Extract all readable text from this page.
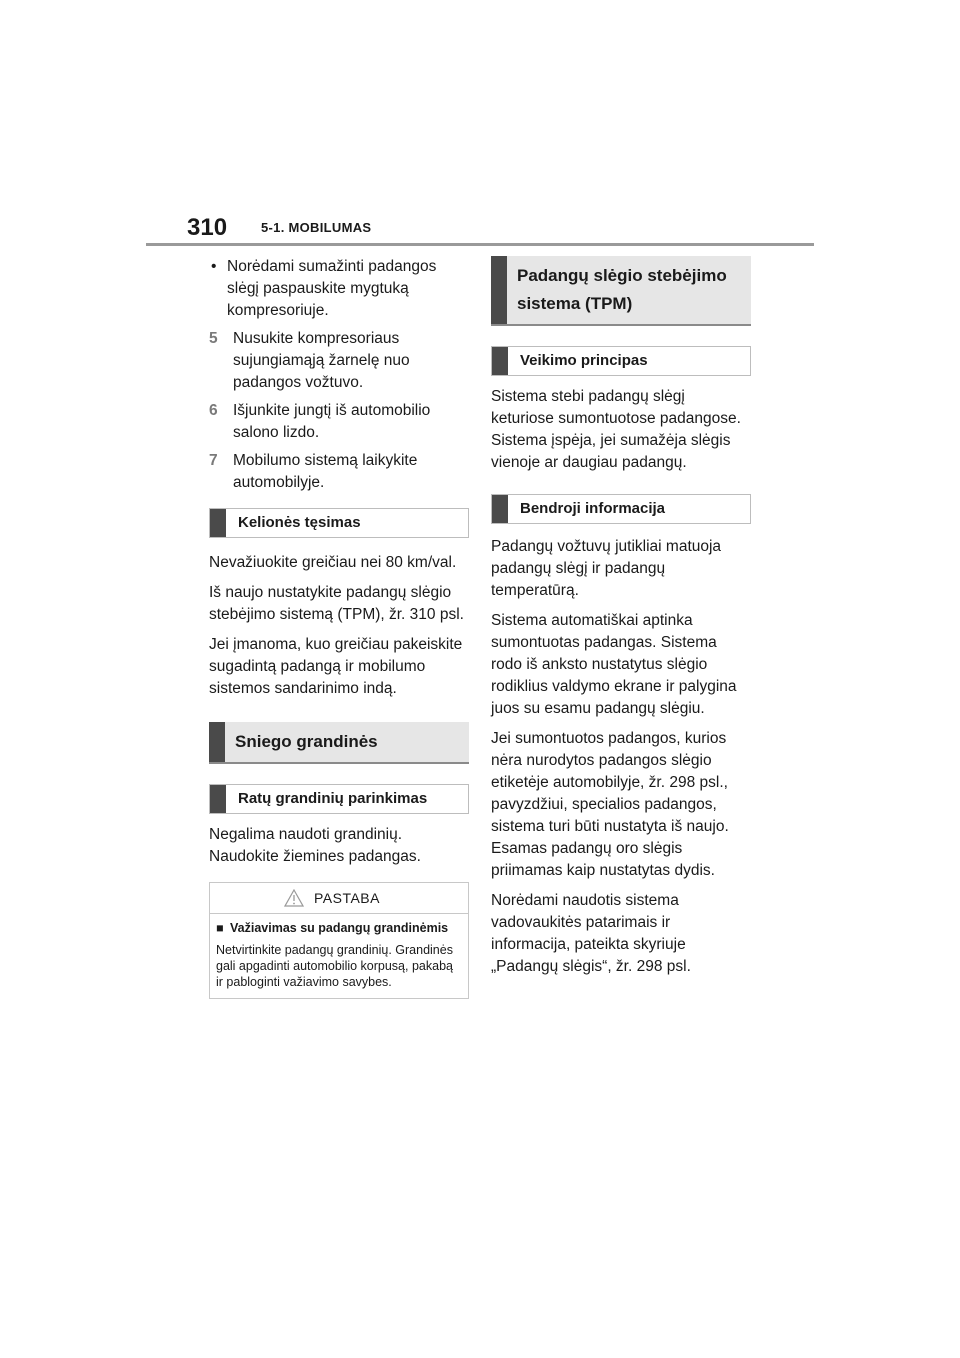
310	5-1. MOBILUMAS
• Norėdami sumažinti padangos slėgį paspauskite mygtuką kompresoriuje.
5 Nusukite kompresoriaus sujungiamąją žarnelę nuo padangos vožtuvo.
6 Išjunkite jungtį iš automobilio salono lizdo.
7 Mobilumo sistemą laikykite automobilyje.
Kelionės tęsimas

Nevažiuokite greičiau nei 80 km/val.

Iš naujo nustatykite padangų slėgio stebėjimo sistemą (TPM), žr. 310 psl.

Jei įmanoma, kuo greičiau pakeiskite sugadintą padangą ir mobilumo sistemos sandarinimo indą.

Sniego grandinės
Ratų grandinių parinkimas

Negalima naudoti grandinių. Naudokite žiemines padangas.

PASTABA
■ Važiavimas su padangų grandinėmis
Netvirtinkite padangų grandinių. Grandinės gali apgadinti automobilio korpusą, pakabą ir pabloginti važiavimo savybes.
Padangų slėgio stebėjimo sistema (TPM)
Veikimo principas

Sistema stebi padangų slėgį keturiose sumontuotose padangose. Sistema įspėja, jei sumažėja slėgis vienoje ar daugiau padangų.

Bendroji informacija

Padangų vožtuvų jutikliai matuoja padangų slėgį ir padangų temperatūrą.

Sistema automatiškai aptinka sumontuotas padangas. Sistema rodo iš anksto nustatytus slėgio rodiklius valdymo ekrane ir palygina juos su esamu padangų slėgiu.

Jei sumontuotos padangos, kurios nėra nurodytos padangos slėgio etiketėje automobilyje, žr. 298 psl., pavyzdžiui, specialios padangos, sistema turi būti nustatyta iš naujo. Esamas padangų oro slėgis priimamas kaip nustatytas dydis.

Norėdami naudotis sistema vadovaukitės patarimais ir informacija, pateikta skyriuje „Padangų slėgis“, žr. 298 psl.
